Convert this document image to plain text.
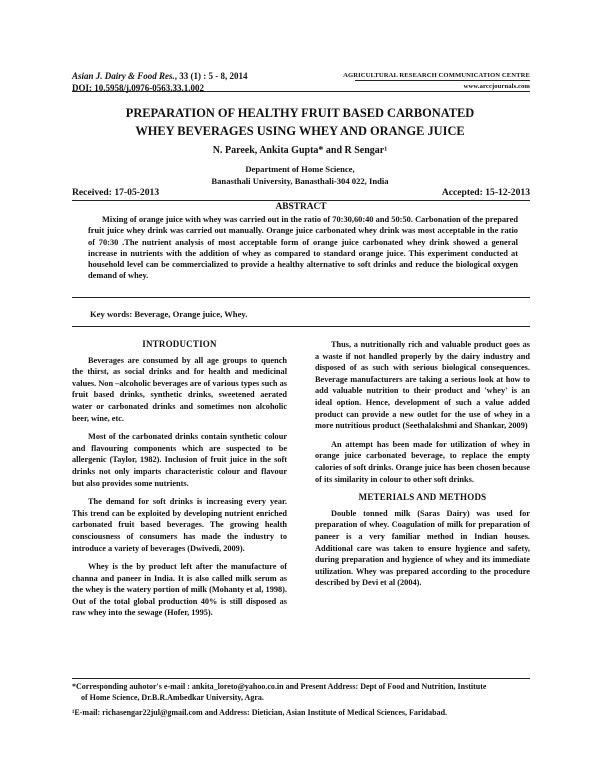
Asian J. Dairy & Food Res., 33 (1) : 5 - 8, 2014
DOI: 10.5958/j.0976-0563.33.1.002
AGRICULTURAL RESEARCH COMMUNICATION CENTRE
www.arccjournals.com
PREPARATION OF HEALTHY FRUIT BASED CARBONATED
WHEY BEVERAGES USING WHEY AND ORANGE JUICE
N. Pareek, Ankita Gupta* and R Sengar¹
Department of Home Science,
Banasthali University, Banasthali-304 022, India
Received: 17-05-2013	Accepted: 15-12-2013
ABSTRACT
Mixing of orange juice with whey was carried out in the ratio of 70:30,60:40 and 50:50. Carbonation of the prepared fruit juice whey drink was carried out manually. Orange juice carbonated whey drink was most acceptable in the ratio of 70:30 .The nutrient analysis of most acceptable form of orange juice carbonated whey drink showed a general increase in nutrients with the addition of whey as compared to standard orange juice. This experiment conducted at household level can be commercialized to provide a healthy alternative to soft drinks and reduce the biological oxygen demand of whey.
Key words: Beverage, Orange juice, Whey.
INTRODUCTION

Beverages are consumed by all age groups to quench the thirst, as social drinks and for health and medicinal values. Non –alcoholic beverages are of various types such as fruit based drinks, synthetic drinks, sweetened aerated water or carbonated drinks and sometimes non alcoholic beer, wine, etc.

Most of the carbonated drinks contain synthetic colour and flavouring components which are suspected to be allergenic (Taylor, 1982). Inclusion of fruit juice in the soft drinks not only imparts characteristic colour and flavour but also provides some nutrients.

The demand for soft drinks is increasing every year. This trend can be exploited by developing nutrient enriched carbonated fruit based beverages. The growing health consciousness of consumers has made the industry to introduce a variety of beverages (Dwivedi, 2009).

Whey is the by product left after the manufacture of channa and paneer in India. It is also called milk serum as the whey is the watery portion of milk (Mohanty et al, 1998). Out of the total global production 40% is still disposed as raw whey into the sewage (Hofer, 1995).

Thus, a nutritionally rich and valuable product goes as a waste if not handled properly by the dairy industry and disposed of as such with serious biological consequences. Beverage manufacturers are taking a serious look at how to add valuable nutrition to their product and 'whey' is an ideal option. Hence, development of such a value added product can provide a new outlet for the use of whey in a more nutritious product (Seethalakshmi and Shankar, 2009)

An attempt has been made for utilization of whey in orange juice carbonated beverage, to replace the empty calories of soft drinks. Orange juice has been chosen because of its similarity in colour to other soft drinks.

METERIALS AND METHODS

Double tonned milk (Saras Dairy) was used for preparation of whey. Coagulation of milk for preparation of paneer is a very familiar method in Indian houses. Additional care was taken to ensure hygience and safety, during preparation and hygience of whey and its immediate utilization. Whey was prepared according to the procedure described by Devi et al (2004).

*Corresponding auhotor's e-mail : ankita_loreto@yahoo.co.in and Present Address: Dept of Food and Nutrition, Institute

of Home Science, Dr.B.R.Ambedkar University, Agra.

¹E-mail: richasengar22jul@gmail.com and Address: Dietician, Asian Institute of Medical Sciences, Faridabad.
